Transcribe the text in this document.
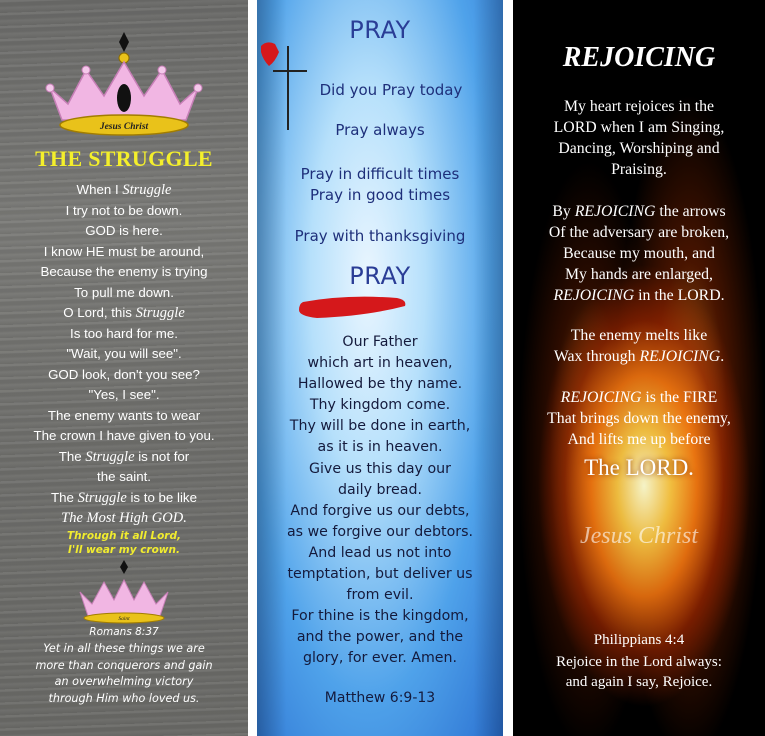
Jesus Christ
THE STRUGGLE
When I Struggle
I try not to be down.
GOD is here.
I know HE must be around,
Because the enemy is trying
To pull me down.
O Lord, this Struggle
Is too hard for me.
"Wait, you will see".
GOD look, don't you see?
"Yes, I see".
The enemy wants to wear
The crown I have given to you.
The Struggle is not for
the saint.
The Struggle is to be like
The Most High GOD.
Through it all Lord,
I'll wear my crown.
Saint
Romans 8:37
Yet in all these things we are
more than conquerors and gain
an overwhelming victory
through Him who loved us.
PRAY
Did you Pray today
Pray always
Pray in difficult times
Pray in good times
Pray with thanksgiving
PRAY
Our Father
which art in heaven,
Hallowed be thy name.
Thy kingdom come.
Thy will be done in earth,
as it is in heaven.
Give us this day our
daily bread.
And forgive us our debts,
as we forgive our debtors.
And lead us not into
temptation, but deliver us
from evil.
For thine is the kingdom,
and the power, and the
glory, for ever. Amen.
Matthew 6:9-13
REJOICING
My heart rejoices in the
LORD when I am Singing,
Dancing, Worshiping and
Praising.
By REJOICING the arrows
Of the adversary are broken,
Because my mouth, and
My hands are enlarged,
REJOICING in the LORD.
The enemy melts like
Wax through REJOICING.
REJOICING is the FIRE
That brings down the enemy,
And lifts me up before
The LORD.
Jesus Christ
Philippians 4:4
Rejoice in the Lord always:
and again I say, Rejoice.
